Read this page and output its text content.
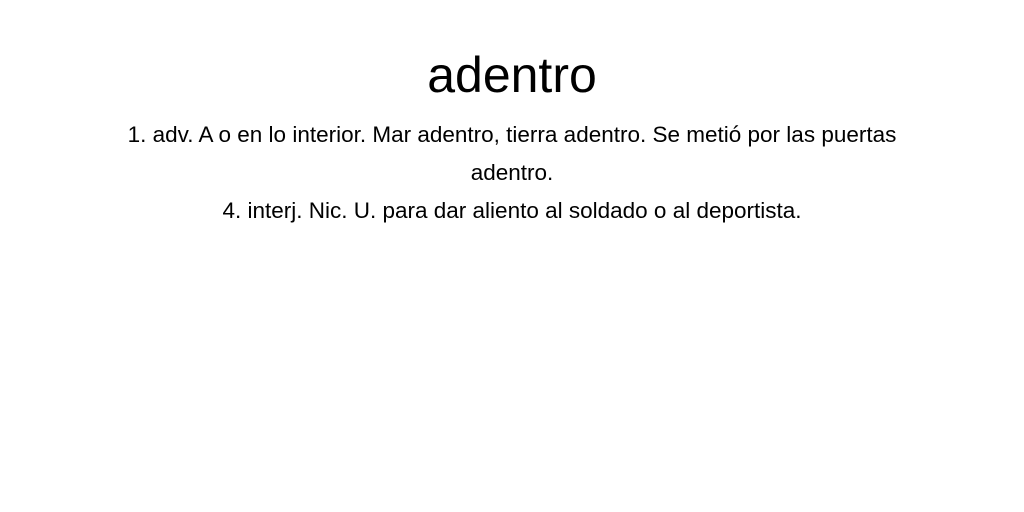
adentro

1. adv. A o en lo interior. Mar adentro, tierra adentro. Se metió por las puertas adentro.

4. interj. Nic. U. para dar aliento al soldado o al deportista.
